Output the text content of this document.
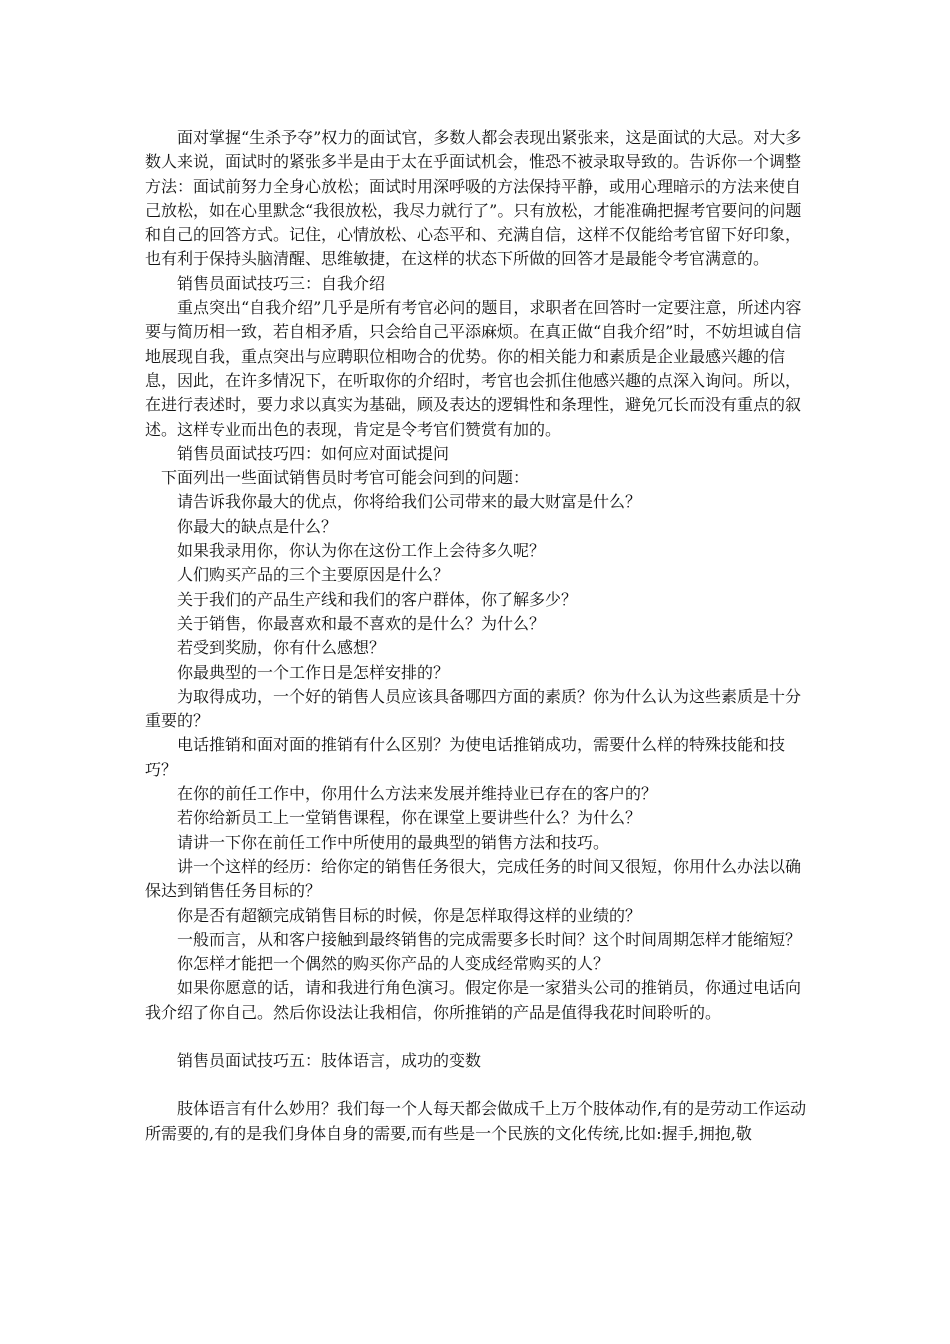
面对掌握“生杀予夺”权力的面试官，多数人都会表现出紧张来，这是面试的大忌。对大多数人来说，面试时的紧张多半是由于太在乎面试机会，惟恐不被录取导致的。告诉你一个调整方法：面试前努力全身心放松；面试时用深呼吸的方法保持平静，或用心理暗示的方法来使自己放松，如在心里默念“我很放松，我尽力就行了”。只有放松，才能准确把握考官要问的问题和自己的回答方式。记住，心情放松、心态平和、充满自信，这样不仅能给考官留下好印象，也有利于保持头脑清醒、思维敏捷，在这样的状态下所做的回答才是最能令考官满意的。

销售员面试技巧三：自我介绍

重点突出“自我介绍”几乎是所有考官必问的题目，求职者在回答时一定要注意，所述内容要与简历相一致，若自相矛盾，只会给自己平添麻烦。在真正做“自我介绍”时，不妨坦诚自信地展现自我，重点突出与应聘职位相吻合的优势。你的相关能力和素质是企业最感兴趣的信息，因此，在许多情况下，在听取你的介绍时，考官也会抓住他感兴趣的点深入询问。所以，在进行表述时，要力求以真实为基础，顾及表达的逻辑性和条理性，避免冗长而没有重点的叙述。这样专业而出色的表现，肯定是令考官们赞赏有加的。

销售员面试技巧四：如何应对面试提问

下面列出一些面试销售员时考官可能会问到的问题：

请告诉我你最大的优点，你将给我们公司带来的最大财富是什么？

你最大的缺点是什么？

如果我录用你，你认为你在这份工作上会待多久呢？

人们购买产品的三个主要原因是什么？

关于我们的产品生产线和我们的客户群体，你了解多少？

关于销售，你最喜欢和最不喜欢的是什么？为什么？

若受到奖励，你有什么感想？

你最典型的一个工作日是怎样安排的？

为取得成功，一个好的销售人员应该具备哪四方面的素质？你为什么认为这些素质是十分重要的？

电话推销和面对面的推销有什么区别？为使电话推销成功，需要什么样的特殊技能和技巧？

在你的前任工作中，你用什么方法来发展并维持业已存在的客户的？

若你给新员工上一堂销售课程，你在课堂上要讲些什么？为什么？

请讲一下你在前任工作中所使用的最典型的销售方法和技巧。

讲一个这样的经历：给你定的销售任务很大，完成任务的时间又很短，你用什么办法以确保达到销售任务目标的？

你是否有超额完成销售目标的时候，你是怎样取得这样的业绩的？

一般而言，从和客户接触到最终销售的完成需要多长时间？这个时间周期怎样才能缩短？

你怎样才能把一个偶然的购买你产品的人变成经常购买的人？

如果你愿意的话，请和我进行角色演习。假定你是一家猎头公司的推销员，你通过电话向我介绍了你自己。然后你设法让我相信，你所推销的产品是值得我花时间聆听的。

销售员面试技巧五：肢体语言，成功的变数

肢体语言有什么妙用？我们每一个人每天都会做成千上万个肢体动作,有的是劳动工作运动所需要的,有的是我们身体自身的需要,而有些是一个民族的文化传统,比如:握手,拥抱,敬
